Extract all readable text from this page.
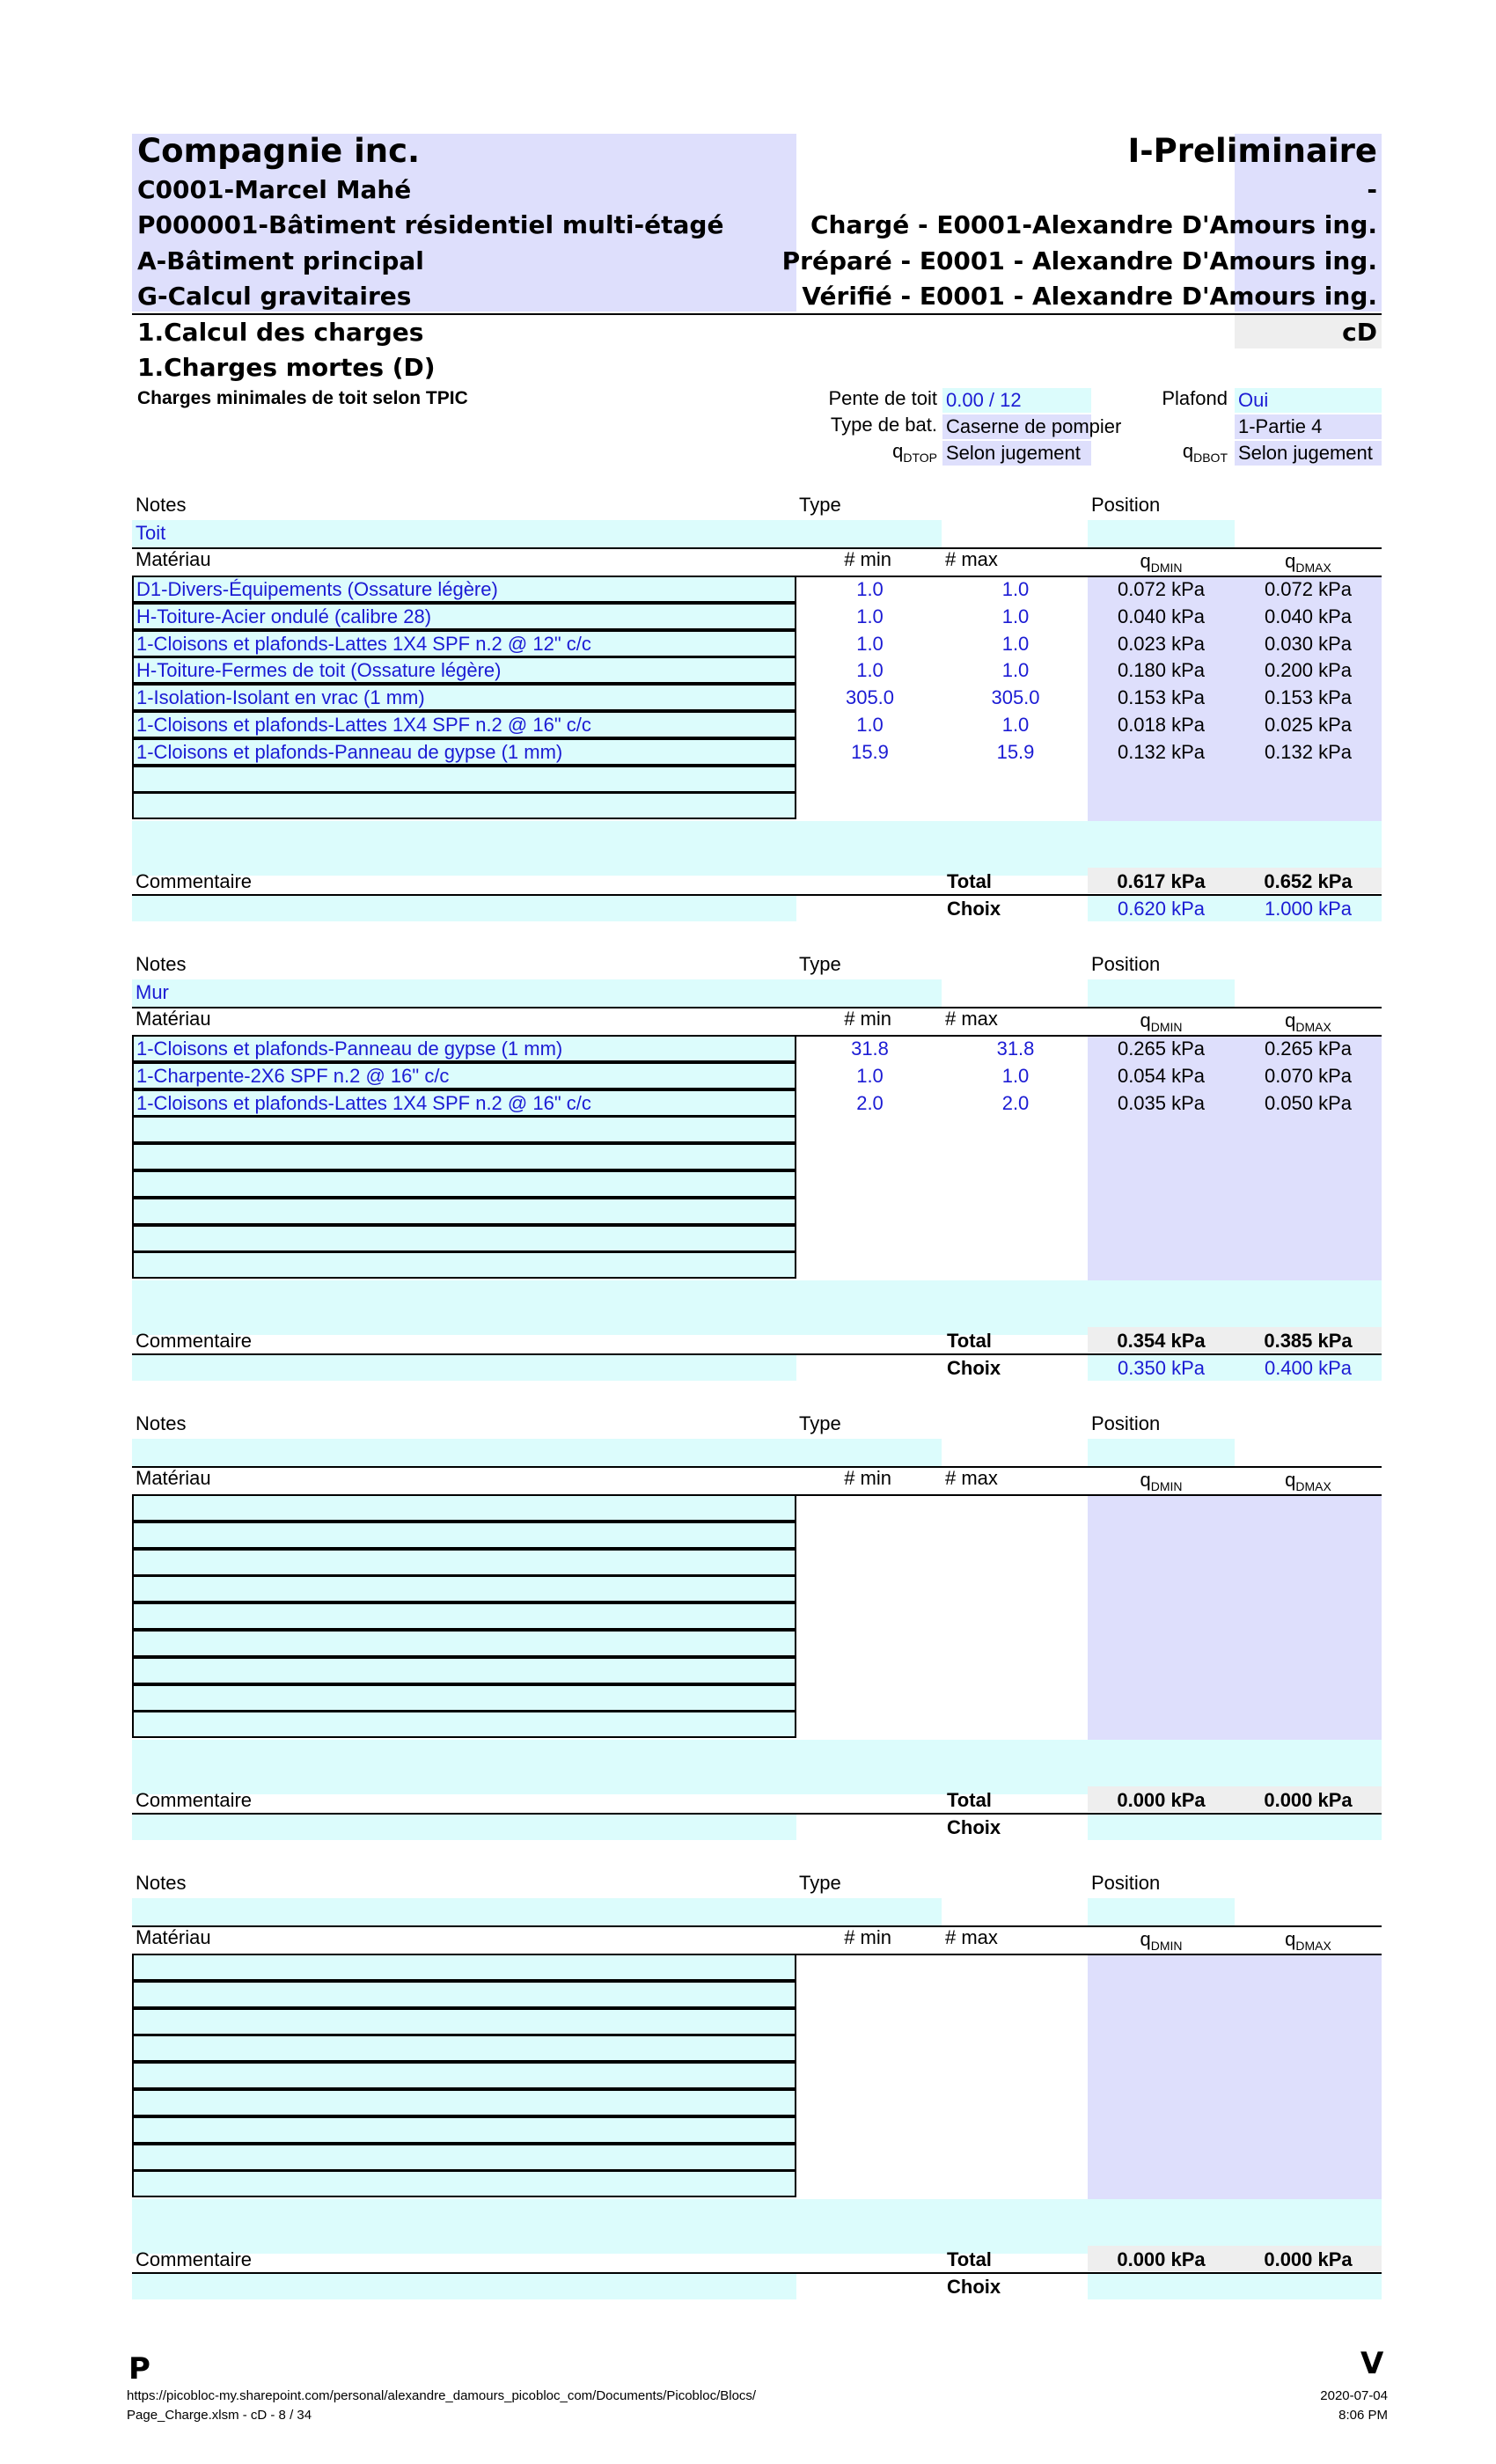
Compagnie inc.
C0001-Marcel Mahé
P000001-Bâtiment résidentiel multi-étagé
A-Bâtiment principal
G-Calcul gravitaires
I-Preliminaire
-
Chargé - E0001-Alexandre D'Amours ing.
Préparé - E0001 - Alexandre D'Amours ing.
Vérifié - E0001 - Alexandre D'Amours ing.
1.Calcul des charges	cD
1.Charges mortes (D)
Charges minimales de toit selon TPIC	Pente de toit 0.00 / 12	Plafond Oui
Type de bat. Caserne de pompier	1-Partie 4
$q_{DTOP}$ Selon jugement	$q_{DBOT}$ Selon jugement
Notes	Type	Position
Toit
Matériau	# min	# max	$q_{DMIN}$	$q_{DMAX}$
D1-Divers-Équipements (Ossature légère)	1.0	1.0	0.072 kPa	0.072 kPa
H-Toiture-Acier ondulé (calibre 28)	1.0	1.0	0.040 kPa	0.040 kPa
1-Cloisons et plafonds-Lattes 1X4 SPF n.2 @ 12" c/c	1.0	1.0	0.023 kPa	0.030 kPa
H-Toiture-Fermes de toit (Ossature légère)	1.0	1.0	0.180 kPa	0.200 kPa
1-Isolation-Isolant en vrac (1 mm)	305.0	305.0	0.153 kPa	0.153 kPa
1-Cloisons et plafonds-Lattes 1X4 SPF n.2 @ 16" c/c	1.0	1.0	0.018 kPa	0.025 kPa
1-Cloisons et plafonds-Panneau de gypse (1 mm)	15.9	15.9	0.132 kPa	0.132 kPa
Commentaire	Total	0.617 kPa	0.652 kPa
Choix	0.620 kPa	1.000 kPa
Notes	Type	Position
Mur
Matériau	# min	# max	$q_{DMIN}$	$q_{DMAX}$
1-Cloisons et plafonds-Panneau de gypse (1 mm)	31.8	31.8	0.265 kPa	0.265 kPa
1-Charpente-2X6 SPF n.2 @ 16" c/c	1.0	1.0	0.054 kPa	0.070 kPa
1-Cloisons et plafonds-Lattes 1X4 SPF n.2 @ 16" c/c	2.0	2.0	0.035 kPa	0.050 kPa
Commentaire	Total	0.354 kPa	0.385 kPa
Choix	0.350 kPa	0.400 kPa
Notes	Type	Position
Matériau	# min	# max	$q_{DMIN}$	$q_{DMAX}$
Commentaire	Total	0.000 kPa	0.000 kPa
Choix
Notes	Type	Position
Matériau	# min	# max	$q_{DMIN}$	$q_{DMAX}$
Commentaire	Total	0.000 kPa	0.000 kPa
Choix
P	V
https://picobloc-my.sharepoint.com/personal/alexandre_damours_picobloc_com/Documents/Picobloc/Blocs/
Page_Charge.xlsm - cD - 8 / 34
2020-07-04
8:06 PM
